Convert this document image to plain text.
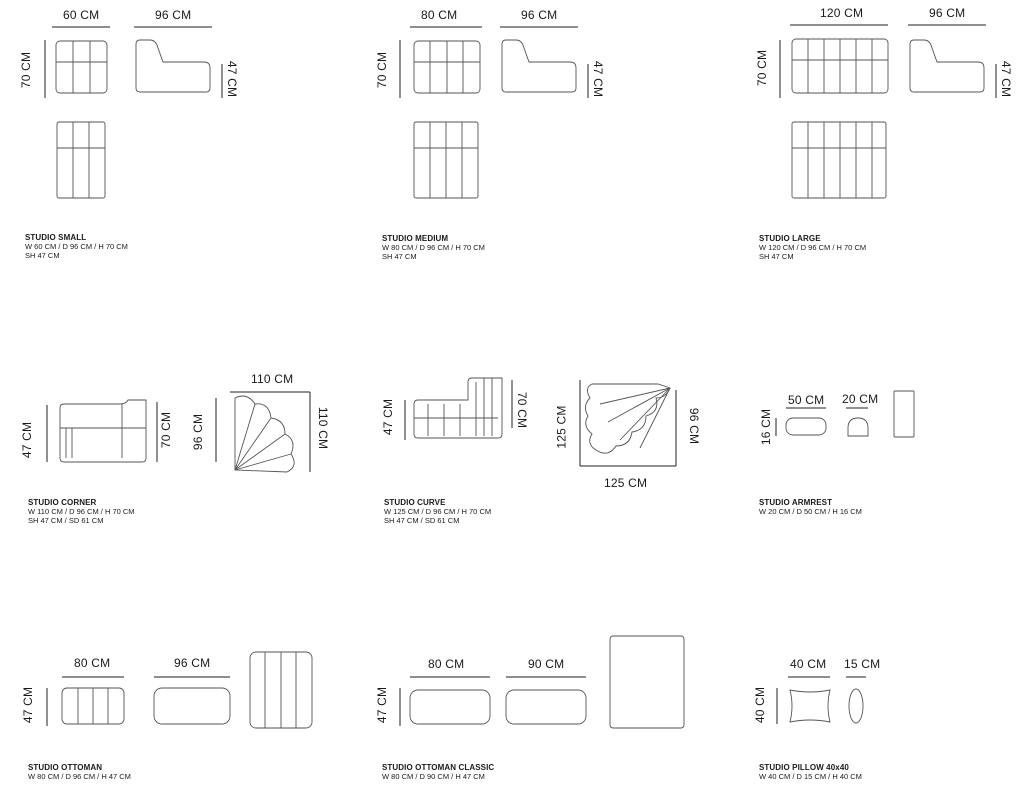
60 CM	96 CM
70 CM	47 CM
80 CM	96 CM
70 CM	47 CM
120 CM	96 CM
70 CM	47 CM
47 CM	70 CM 96 CM
110 CM
110 CM	47 CM	70 CM 125 CM	96 CM
125 CM
50 CM 20 CM
16 CM
80 CM	96 CM
47 CM
80 CM	90 CM
47 CM
40 CM 15 CM
40 CM
STUDIO SMALL
W 60 CM / D 96 CM / H 70 CM
SH 47 CM
STUDIO MEDIUM
W 80 CM / D 96 CM / H 70 CM
SH 47 CM
STUDIO LARGE
W 120 CM / D 96 CM / H 70 CM
SH 47 CM
STUDIO CORNER
W 110 CM / D 96 CM / H 70 CM
SH 47 CM / SD 61 CM
STUDIO CURVE
W 125 CM / D 96 CM / H 70 CM
SH 47 CM / SD 61 CM
STUDIO ARMREST
W 20 CM / D 50 CM / H 16 CM
STUDIO OTTOMAN
W 80 CM / D 96 CM / H 47 CM
STUDIO OTTOMAN CLASSIC
W 80 CM / D 90 CM / H 47 CM
STUDIO PILLOW 40x40
W 40 CM / D 15 CM / H 40 CM
